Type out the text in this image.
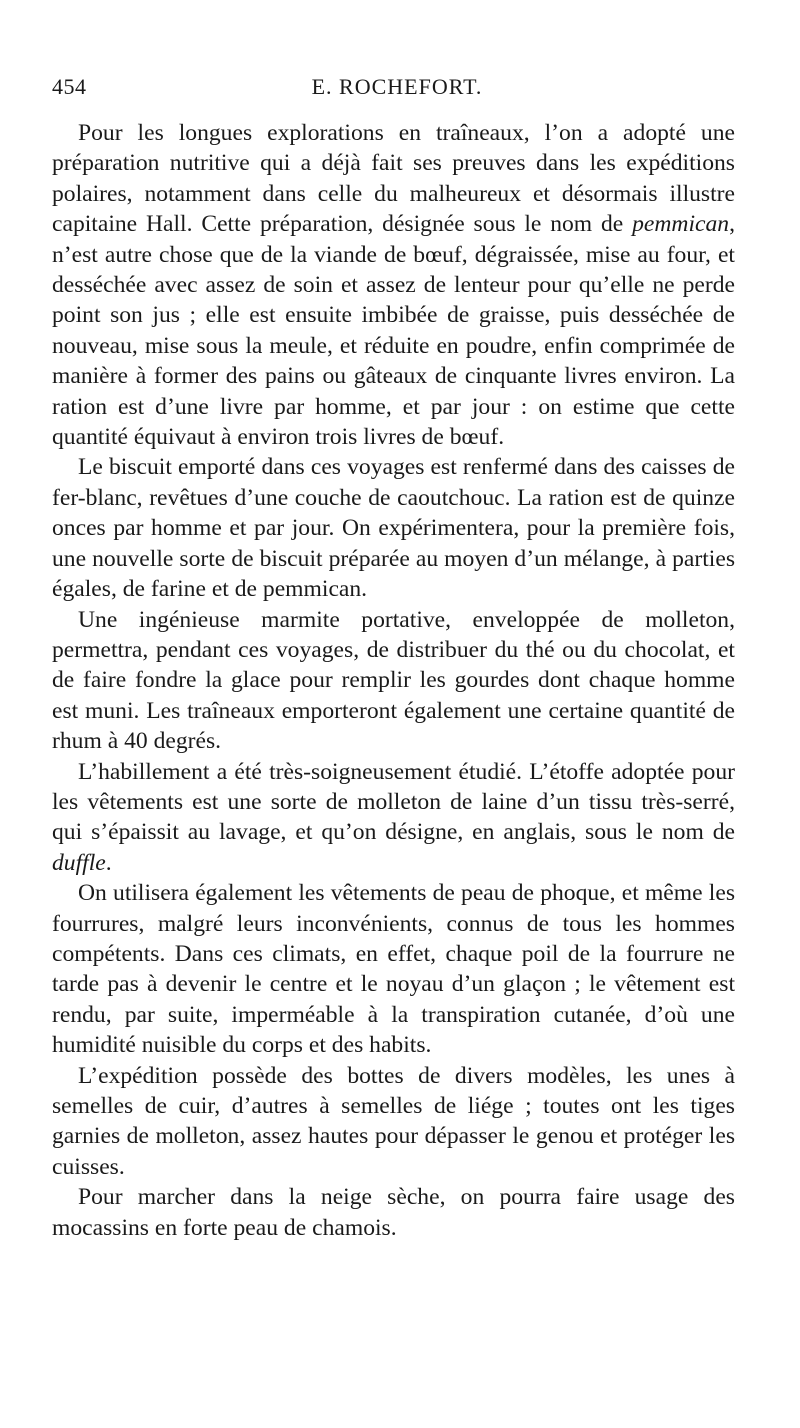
454	E. ROCHEFORT.

Pour les longues explorations en traîneaux, l’on a adopté une préparation nutritive qui a déjà fait ses preuves dans les expéditions polaires, notamment dans celle du malheureux et désormais illustre capitaine Hall. Cette préparation, désignée sous le nom de pemmican, n’est autre chose que de la viande de bœuf, dégraissée, mise au four, et desséchée avec assez de soin et assez de lenteur pour qu’elle ne perde point son jus ; elle est ensuite imbibée de graisse, puis desséchée de nouveau, mise sous la meule, et réduite en poudre, enfin comprimée de manière à former des pains ou gâteaux de cinquante livres environ. La ration est d’une livre par homme, et par jour : on estime que cette quantité équivaut à environ trois livres de bœuf.

Le biscuit emporté dans ces voyages est renfermé dans des caisses de fer-blanc, revêtues d’une couche de caoutchouc. La ration est de quinze onces par homme et par jour. On expérimentera, pour la première fois, une nouvelle sorte de biscuit préparée au moyen d’un mélange, à parties égales, de farine et de pemmican.

Une ingénieuse marmite portative, enveloppée de molleton, permettra, pendant ces voyages, de distribuer du thé ou du chocolat, et de faire fondre la glace pour remplir les gourdes dont chaque homme est muni. Les traîneaux emporteront également une certaine quantité de rhum à 40 degrés.

L’habillement a été très-soigneusement étudié. L’étoffe adoptée pour les vêtements est une sorte de molleton de laine d’un tissu très-serré, qui s’épaissit au lavage, et qu’on désigne, en anglais, sous le nom de duffle.

On utilisera également les vêtements de peau de phoque, et même les fourrures, malgré leurs inconvénients, connus de tous les hommes compétents. Dans ces climats, en effet, chaque poil de la fourrure ne tarde pas à devenir le centre et le noyau d’un glaçon ; le vêtement est rendu, par suite, imperméable à la transpiration cutanée, d’où une humidité nuisible du corps et des habits.

L’expédition possède des bottes de divers modèles, les unes à semelles de cuir, d’autres à semelles de liége ; toutes ont les tiges garnies de molleton, assez hautes pour dépasser le genou et protéger les cuisses.

Pour marcher dans la neige sèche, on pourra faire usage des mocassins en forte peau de chamois.
